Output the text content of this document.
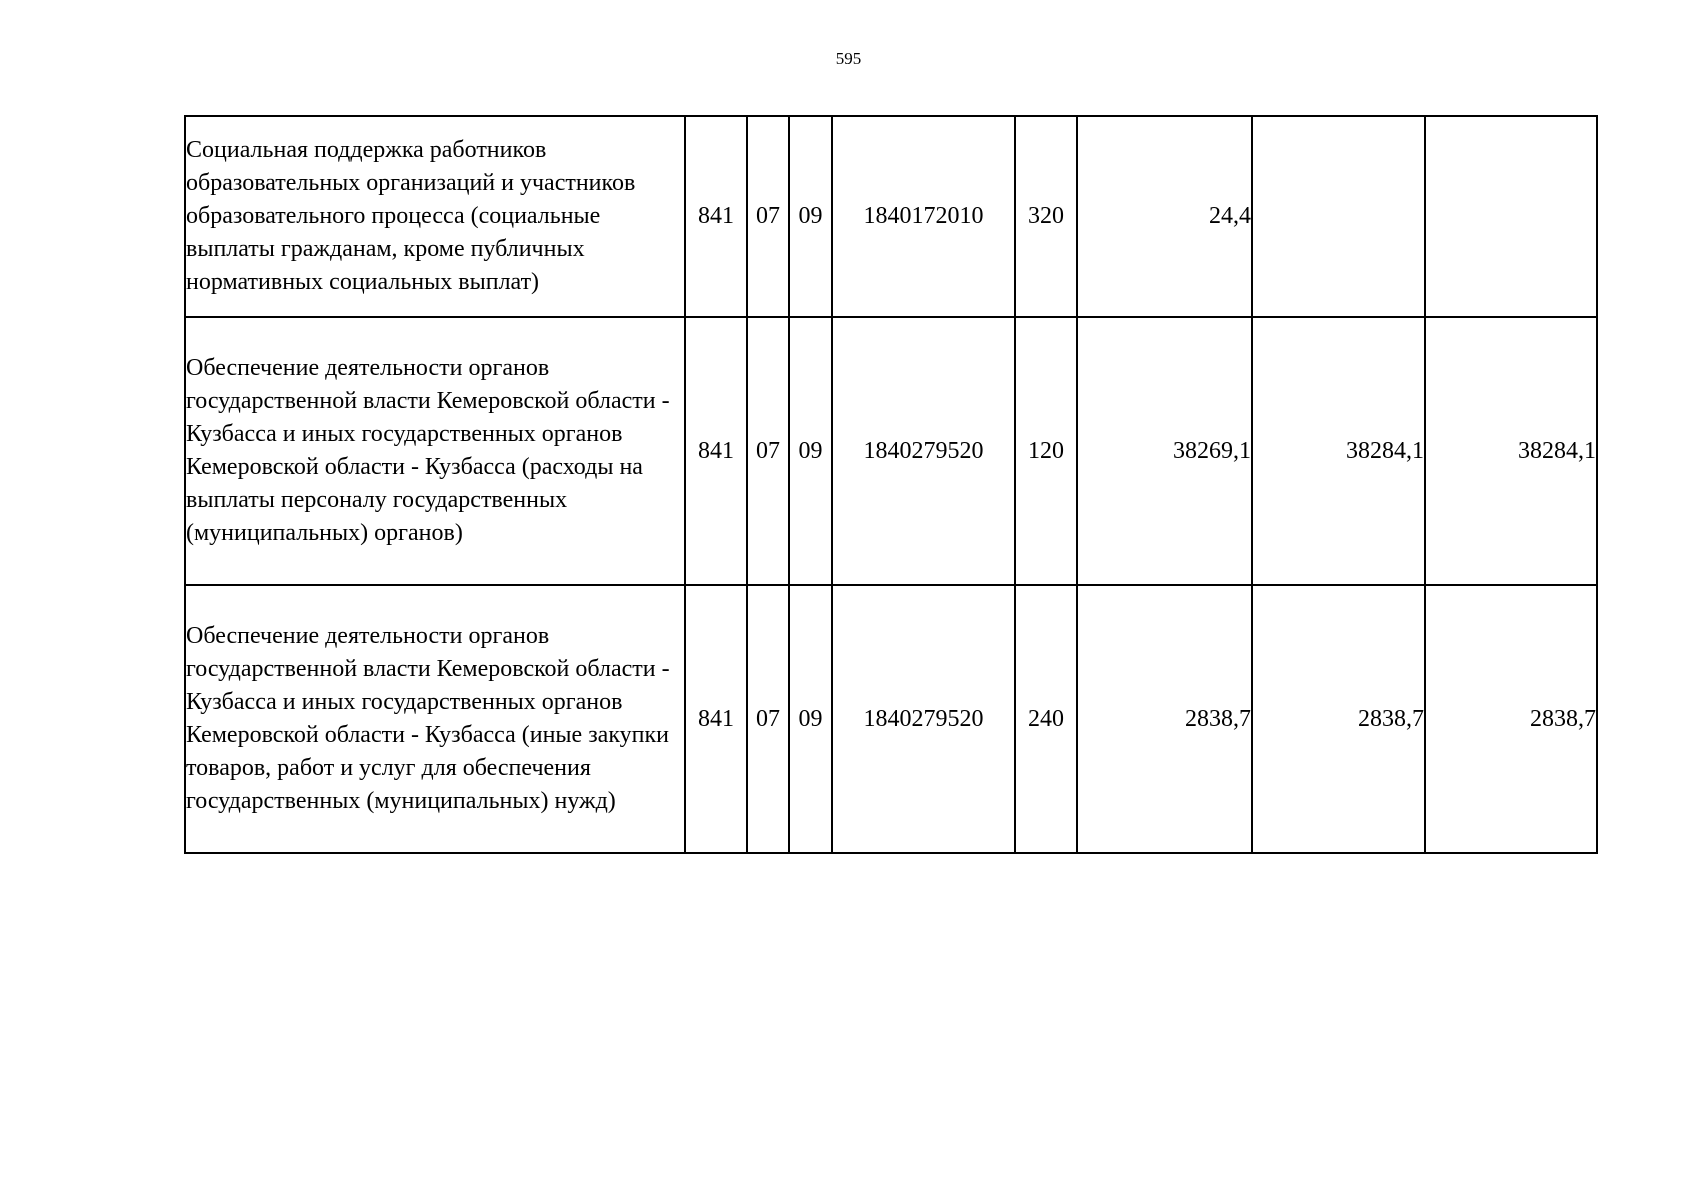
595
Социальная поддержка работников образовательных организаций и участников образовательного процесса (социальные выплаты гражданам, кроме публичных нормативных социальных выплат)	841	07	09	1840172010	320	24,4		
Обеспечение деятельности органов государственной власти Кемеровской области - Кузбасса и иных государственных органов Кемеровской области - Кузбасса (расходы на выплаты персоналу государственных (муниципальных) органов)	841	07	09	1840279520	120	38269,1	38284,1	38284,1
Обеспечение деятельности органов государственной власти Кемеровской области - Кузбасса и иных государственных органов Кемеровской области - Кузбасса (иные закупки товаров, работ и услуг для обеспечения государственных (муниципальных) нужд)	841	07	09	1840279520	240	2838,7	2838,7	2838,7
